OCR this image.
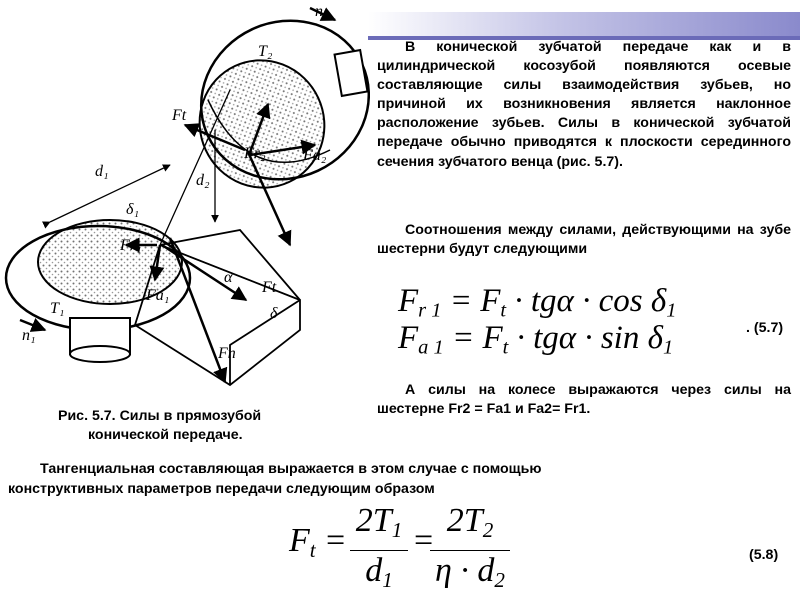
n₂
T₂
Ft
d₂
Fr₂ Fa₂
d₁
δ₁
Fr₁
Fa₁
T₁
n₁
Fn
Ft
α
δ

В конической зубчатой передаче как и в цилиндрической косозубой появляются осевые составляющие силы взаимодействия зубьев, но причиной их возникновения является наклонное расположение зубьев. Силы в конической зубчатой передаче обычно приводятся к плоскости серединного сечения зубчатого венца (рис. 5.7).

Соотношения между силами, действующими на зубе шестерни будут следующими

$F_{r 1} = F_t \cdot tg\alpha \cdot \cos \delta_1$
$F_{a 1} = F_t \cdot tg\alpha \cdot \sin \delta_1$
. (5.7)

А силы на колесе выражаются через силы на шестерне Fr2 = Fa1 и Fa2= Fr1.

Рис. 5.7. Силы в прямозубой
конической передаче.

Тангенциальная составляющая выражается в этом случае с помощью
конструктивных параметров передачи следующим образом

$F_t = \frac{2T_1}{d_1}$ =
$\frac{2T_2}{\eta \cdot d_2}$	(5.8)
